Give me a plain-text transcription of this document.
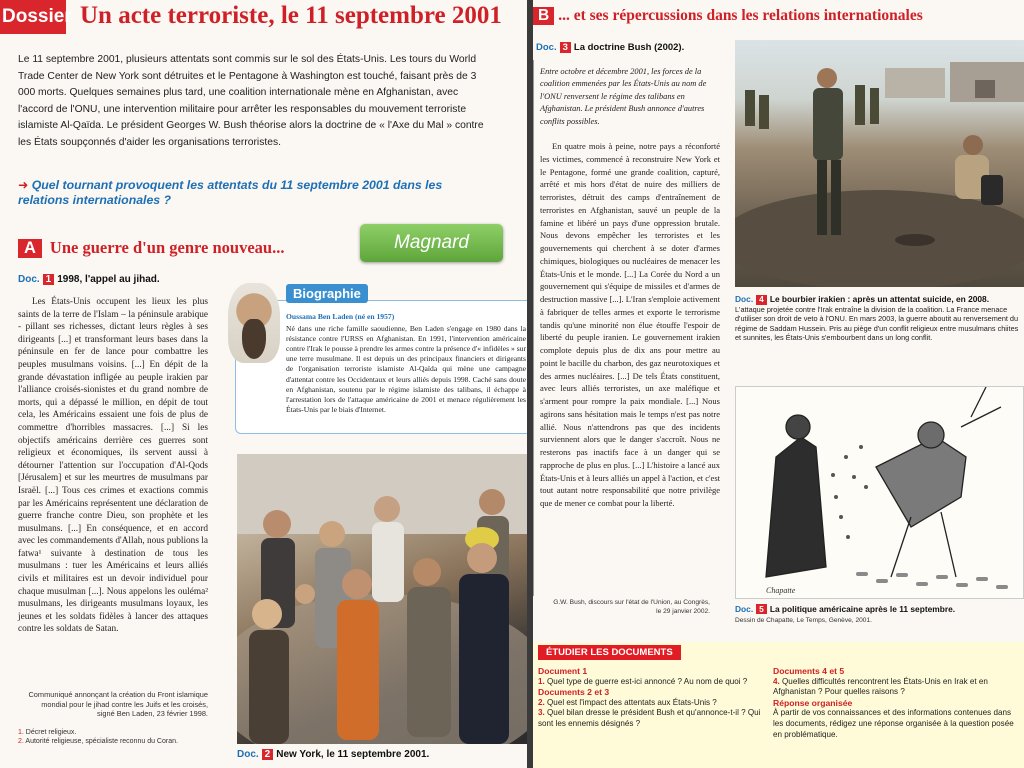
Dossier Un acte terroriste, le 11 septembre 2001
Le 11 septembre 2001, plusieurs attentats sont commis sur le sol des États-Unis. Les tours du World Trade Center de New York sont détruites et le Pentagone à Washington est touché, faisant près de 3 000 morts. Quelques semaines plus tard, une coalition internationale mène en Afghanistan, avec l'accord de l'ONU, une intervention militaire pour arrêter les responsables du mouvement terroriste islamiste Al-Qaïda. Le président Georges W. Bush théorise alors la doctrine de « l'Axe du Mal » contre les États soupçonnés d'aider les organisations terroristes.
➜ Quel tournant provoquent les attentats du 11 septembre 2001 dans les relations internationales ?
A Une guerre d'un genre nouveau...	Magnard
Doc. 1 1998, l'appel au jihad.
Les États-Unis occupent les lieux les plus saints de la terre de l'Islam – la péninsule arabique - pillant ses richesses, dictant leurs règles à ses dirigeants [...] et transformant leurs bases dans la péninsule en fer de lance pour combattre les peuples musulmans voisins. [...] En dépit de la grande dévastation infligée au peuple irakien par l'alliance croisés-sionistes et du grand nombre de morts, qui a dépassé le million, en dépit de tout cela, les Américains essaient une fois de plus de commettre d'horribles massacres. [...] Si les objectifs américains derrière ces guerres sont religieux et économiques, ils servent aussi à détourner l'attention sur l'occupation d'Al-Qods [Jérusalem] et sur les meurtres de musulmans par Israël. [...] Tous ces crimes et exactions commis par les Américains représentent une déclaration de guerre franche contre Dieu, son prophète et les musulmans. [...] En conséquence, et en accord avec les commandements d'Allah, nous publions la fatwa¹ suivante à destination de tous les musulmans : tuer les Américains et leurs alliés civils et militaires est un devoir individuel pour chaque musulman [...]. Nous appelons les ouléma² musulmans, les dirigeants musulmans loyaux, les jeunes et les soldats fidèles à lancer des attaques contre les soldats de Satan.
Communiqué annonçant la création du Front islamique mondial pour le jihad contre les Juifs et les croisés, signé Ben Laden, 23 février 1998.
1. Décret religieux.
2. Autorité religieuse, spécialiste reconnu du Coran.
Biographie
Oussama Ben Laden (né en 1957)
Né dans une riche famille saoudienne, Ben Laden s'engage en 1980 dans la résistance contre l'URSS en Afghanistan. En 1991, l'intervention américaine contre l'Irak le pousse à prendre les armes contre la présence d'« infidèles » sur une terre musulmane. Il est depuis un des principaux financiers et dirigeants de l'organisation terroriste islamiste Al-Qaïda qui mène une campagne d'attentat contre les Occidentaux et leurs alliés depuis 1998. Caché sans doute en Afghanistan, soutenu par le régime islamiste des talibans, il échappe à l'arrestation lors de l'attaque américaine de 2001 et menace régulièrement les États-Unis par le biais d'Internet.
Doc. 2 New York, le 11 septembre 2001.
B ... et ses répercussions dans les relations internationales
Doc. 3 La doctrine Bush (2002).
Entre octobre et décembre 2001, les forces de la coalition emmenées par les États-Unis au nom de l'ONU renversent le régime des talibans en Afghanistan. Le président Bush annonce d'autres conflits possibles.
En quatre mois à peine, notre pays a réconforté les victimes, commencé à reconstruire New York et le Pentagone, formé une grande coalition, capturé, arrêté et mis hors d'état de nuire des milliers de terroristes, détruit des camps d'entraînement de terroristes en Afghanistan, sauvé un peuple de la famine et libéré un pays d'une oppression brutale. Nous devons empêcher les terroristes et les gouvernements qui cherchent à se doter d'armes chimiques, biologiques ou nucléaires de menacer les États-Unis et le monde. [...] La Corée du Nord a un gouvernement qui s'équipe de missiles et d'armes de destruction massive [...]. L'Iran s'emploie activement à fabriquer de telles armes et exporte le terrorisme tandis qu'une minorité non élue étouffe l'espoir de liberté du peuple iranien. Le gouvernement irakien complote depuis plus de dix ans pour mettre au point le bacille du charbon, des gaz neurotoxiques et des armes nucléaires. [...] De tels États constituent, avec leurs alliés terroristes, un axe maléfique et s'arment pour rompre la paix mondiale. [...] Nous agirons sans hésitation mais le temps n'est pas notre allié. Nous n'attendrons pas que des incidents surviennent alors que le danger s'accroît. Nous ne resterons pas inactifs face à un danger qui se rapproche de plus en plus. [...] L'histoire a lancé aux États-Unis et à leurs alliés un appel à l'action, et c'est tout autant notre responsabilité que notre privilège que de mener ce combat pour la liberté.
G.W. Bush, discours sur l'état de l'Union, au Congrès, le 29 janvier 2002.
Doc. 4 Le bourbier irakien : après un attentat suicide, en 2008.
L'attaque projetée contre l'Irak entraîne la division de la coalition. La France menace d'utiliser son droit de veto à l'ONU. En mars 2003, la guerre aboutit au renversement du régime de Saddam Hussein. Pris au piège d'un conflit religieux entre musulmans chiites et sunnites, les États-Unis s'embourbent dans un long conflit.
Chapatte
Doc. 5 La politique américaine après le 11 septembre.
Dessin de Chapatte, Le Temps, Genève, 2001.
ÉTUDIER LES DOCUMENTS
Document 1
1. Quel type de guerre est-ici annoncé ? Au nom de quoi ?
Documents 2 et 3
2. Quel est l'impact des attentats aux États-Unis ?
3. Quel bilan dresse le président Bush et qu'annonce-t-il ? Qui sont les ennemis désignés ?
Documents 4 et 5
4. Quelles difficultés rencontrent les États-Unis en Irak et en Afghanistan ? Pour quelles raisons ?
Réponse organisée
À partir de vos connaissances et des informations contenues dans les documents, rédigez une réponse organisée à la question posée en problématique.
